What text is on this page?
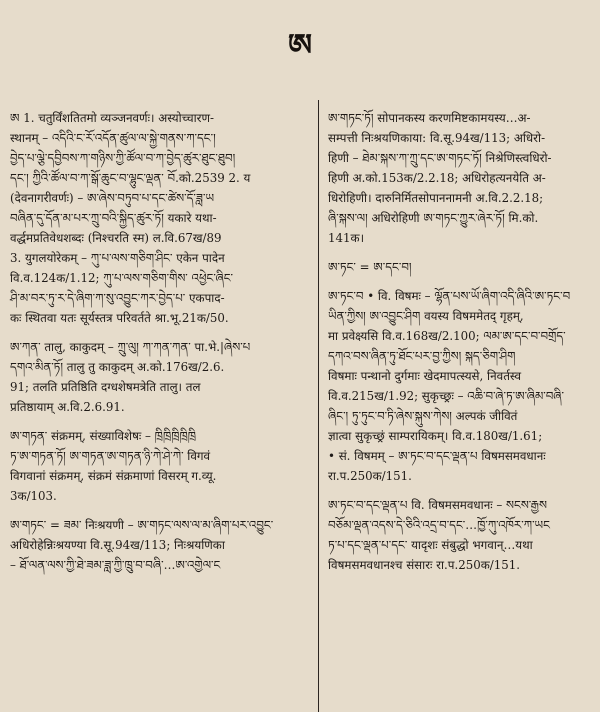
ཨ
ཨ 1. चतुर्विंशतितमो व्यञ्जनवर्णः। अस्योच्चारण-
स्थानम् – འདིའི་ང་རོ་འདོན་ཚུལ་ལ་སྐྱེ་གནས་ཀ་དང་།
བྱེད་པ་ལྕེ་དབྱིབས་ཀ་གཉིས་ཀྱི་ཚོལ་བ་ཀ་བྱེད་ཚུར་ཐུང་ཐུབ།
དང་། ཀྱིའི་ཚོལ་བ་ཀ་སྒོ་ཆུང་བ་ལྷུང་ལྡན་ བོ.को.2539 2. य
(देवनागरीवर्णः) – ཨ་ཞེས་བཏུབ་པ་དང་ཚེས་དོ་ཟླ་ཡ
བཞིན་དུ་དོན་མ་པར་ཀྲུ་བའི་སྐྱིད་ཚུར་ཏོ། यकारे यथा-
वर्द्धमप्रतिवेधशब्दः (निश्चरति स्म) ल.वि.67ख/89
3. युगलयोरेकम् – ཀུ་པ་ལས་གཅིག་ཤིང་ एकेन पादेन
वि.व.124क/1.12; ཀུ་པ་ལས་གཅིག་གིས་ འཕྱེང་ཞིང་
ཤི་མ་བར་ཏུ་ར་དེ་ཞིག་ཀ་སུ་འབྱུང་ཀར་བྱེད་པ་ एकपाद-
कः स्थितवा यतः सूर्यस्तत्र परिवर्तते श्रा.भू.21क/50.
ཨ་ཀན་ तालु, काकुदम् – ཀྲུ་ལུ། ཀ་ཀན་ཀན་ पा.भे.|ཞེས་པ
དགའ་མིན་ཏོ། तालु तु काकुदम् अ.को.176ख/2.6.
91; तलति प्रतिष्ठिति दग्धशेषमत्रेति तालु। तल
प्रतिष्ठायाम् अ.वि.2.6.91.
ཨ་གཏན་ संक्रमम्, संख्याविशेषः – ཁྲིཁྲིཁྲིཁྲིཁྲི
ཏ་ཨ་གཏན་ཏོ། ཨ་གཏན་ཨ་གཏན་ཉི་ཀེ་ཤེ་ཀེ་ विगवं
विगवानां संक्रमम्, संक्रमं संक्रमाणां विसरम् ग.व्यू.
3क/103.
ཨ་གཏང་ = ཟམ་ निःश्रयणी – ཨ་གཏང་ལས་ལ་མ་ཞིག་པར་འབྱུང་
अधिरोहेन्निःश्रयण्या वि.सू.94ख/113; निःश्रयणिका
– ཐོ་ལན་ལས་ཀྱི་ཐེ་ཟམ་ཟླ་ཀྱི་ཁྲུ་བ་བཞི་…ཨ་འགྱེལ་ང
ཨ་གཏང་ཏོ། सोपानकस्य करणमिष्टकामयस्य…अ-
सम्पत्ती निःश्रयणिकाया: वि.सू.94ख/113; अधिरो-
हिणी – ཐེམ་སྐས་ཀ་ཀྲུ་དང་ཨ་གཏང་ཏོ། निश्रेणिस्त्वधिरो-
हिणी अ.को.153क/2.2.18; अधिरोहत्यनयेति अ-
धिरोहिणी। दारुनिर्मितसोपाननामनी अ.वि.2.2.18;
ཞི་སྐས་ལ། अधिरोहिणी ཨ་གཏང་ཀྱུར་ཞེར་ཏོ། मि.को.
141क।
ཨ་ཏང་ = ཨ་དང་བ།
ཨ་ཏང་བ • वि. विषमः – ལྷོན་པས་ཡོ་ཞིག་འདི་ཞིའི་ཨ་ཏང་བ
ཡིན་ཀྱིས། ཨ་འབྱུང་ཤིག वयस्य विषममेतद् गृहम्,
मा प्रवेक्ष्यसि वि.व.168ख/2.100; ལམ་ཨ་དང་བ་བགྲོད་
དཀའ་བས་ཞིན་ཏུ་ཐོང་པར་བྱ་ཀྱིས། སྐད་ཅིག་ཤིག
विषमाः पन्थानो दुर्गमाः खेदमापत्स्यसे, निवर्तस्व
वि.व.215ख/1.92; सुकृच्छ्रः – འཆི་བ་ཞེ་ཏ་ཨ་ཞིམ་བཞི་
ཞིང་། ཏུ་ཏུང་བ་ཏི་ཞེས་སྐུས་ཀེས། अल्पकं जीवितं
ज्ञात्वा सुकृच्छ्रं साम्परायिकम्। वि.व.180ख/1.61;
• सं. विषमम् – ཨ་ཏང་བ་དང་ལྡན་པ विषमसमवधानः
रा.प.250क/151.
ཨ་ཏང་བ་དང་ལྡན་པ वि. विषमसमवधानः – སངས་རྒྱས
བཅོམ་ལྡན་འདས་དེ་ཅིའི་འདྲ་བ་དང་…ཁྱོ་ཀུ་འཁོར་ཀ་ཡང
ཏ་པ་དང་ལྡན་པ་དང་ यादृशः संबुद्धो भगवान्…यथा
विषमसमवधानश्च संसारः रा.प.250क/151.
